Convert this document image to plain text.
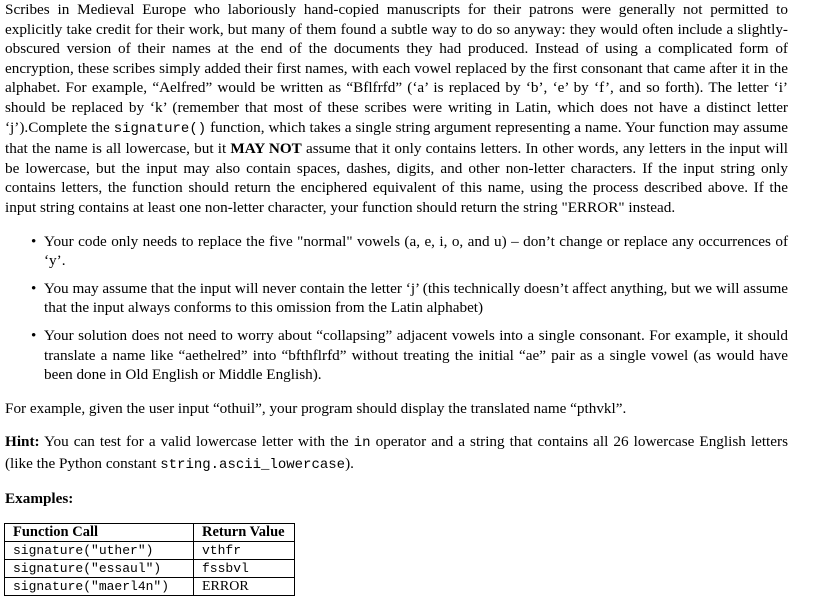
Scribes in Medieval Europe who laboriously hand-copied manuscripts for their patrons were generally not permitted to explicitly take credit for their work, but many of them found a subtle way to do so anyway: they would often include a slightly-obscured version of their names at the end of the documents they had produced. Instead of using a complicated form of encryption, these scribes simply added their first names, with each vowel replaced by the first consonant that came after it in the alphabet. For example, “Aelfred” would be written as “Bflfrfd” (‘a’ is replaced by ‘b’, ‘e’ by ‘f’, and so forth). The letter ‘i’ should be replaced by ‘k’ (remember that most of these scribes were writing in Latin, which does not have a distinct letter ‘j’).Complete the signature() function, which takes a single string argument representing a name. Your function may assume that the name is all lowercase, but it MAY NOT assume that it only contains letters. In other words, any letters in the input will be lowercase, but the input may also contain spaces, dashes, digits, and other non-letter characters. If the input string only contains letters, the function should return the enciphered equivalent of this name, using the process described above. If the input string contains at least one non-letter character, your function should return the string "ERROR" instead.

• Your code only needs to replace the five "normal" vowels (a, e, i, o, and u) – don’t change or replace any occurrences of ‘y’.
• You may assume that the input will never contain the letter ‘j’ (this technically doesn’t affect anything, but we will assume that the input always conforms to this omission from the Latin alphabet)
• Your solution does not need to worry about “collapsing” adjacent vowels into a single consonant. For example, it should translate a name like “aethelred” into “bfthflrfd” without treating the initial “ae” pair as a single vowel (as would have been done in Old English or Middle English).

For example, given the user input “othuil”, your program should display the translated name “pthvkl”.

Hint: You can test for a valid lowercase letter with the in operator and a string that contains all 26 lowercase English letters (like the Python constant string.ascii_lowercase).

Examples:

Function Call	Return Value
signature("uther")	vthfr
signature("essaul")	fssbvl
signature("maerl4n")	ERROR
